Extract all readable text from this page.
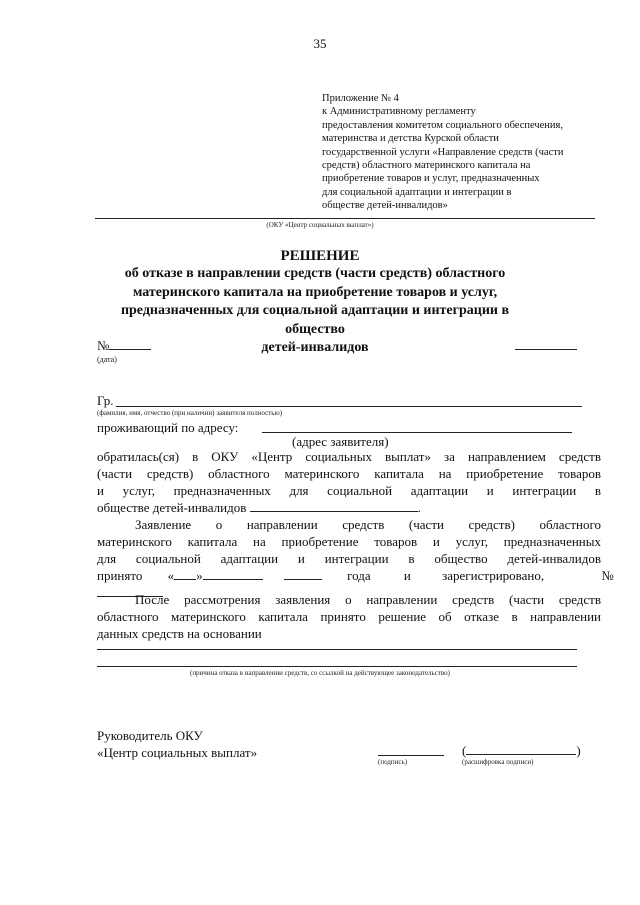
35
Приложение № 4
к Административному регламенту
предоставления комитетом социального обеспечения,
материнства и детства Курской области
государственной услуги «Направление средств (части
средств) областного материнского капитала на
приобретение товаров и услуг, предназначенных
для социальной адаптации и интеграции в
обществе детей-инвалидов»
(ОКУ «Центр социальных выплат»)
РЕШЕНИЕ
об отказе в направлении средств (части средств) областного
материнского капитала на приобретение товаров и услуг,
предназначенных для социальной адаптации и интеграции в общество
детей-инвалидов
№
(дата)
Гр.
(фамилия, имя, отчество (при наличии) заявителя полностью)
проживающий по адресу:
(адрес заявителя)
обратилась(ся) в ОКУ «Центр социальных выплат» за направлением средств
(части средств) областного материнского капитала на приобретение товаров
и услуг, предназначенных для социальной адаптации и интеграции в
обществе детей-инвалидов	.
Заявление о направлении средств (части средств) областного
материнского капитала на приобретение товаров и услуг, предназначенных
для социальной адаптации и интеграции в общество детей-инвалидов
принято « »	года	и зарегистрировано,	№
После рассмотрения заявления о направлении средств (части средств
областного материнского капитала принято решение об отказе в направлении
данных средств на основании
(причина отказа в направлении средств, со ссылкой на действующее законодательство)
Руководитель ОКУ
«Центр социальных выплат»
(подпись)
(	)
(расшифровка подписи)
